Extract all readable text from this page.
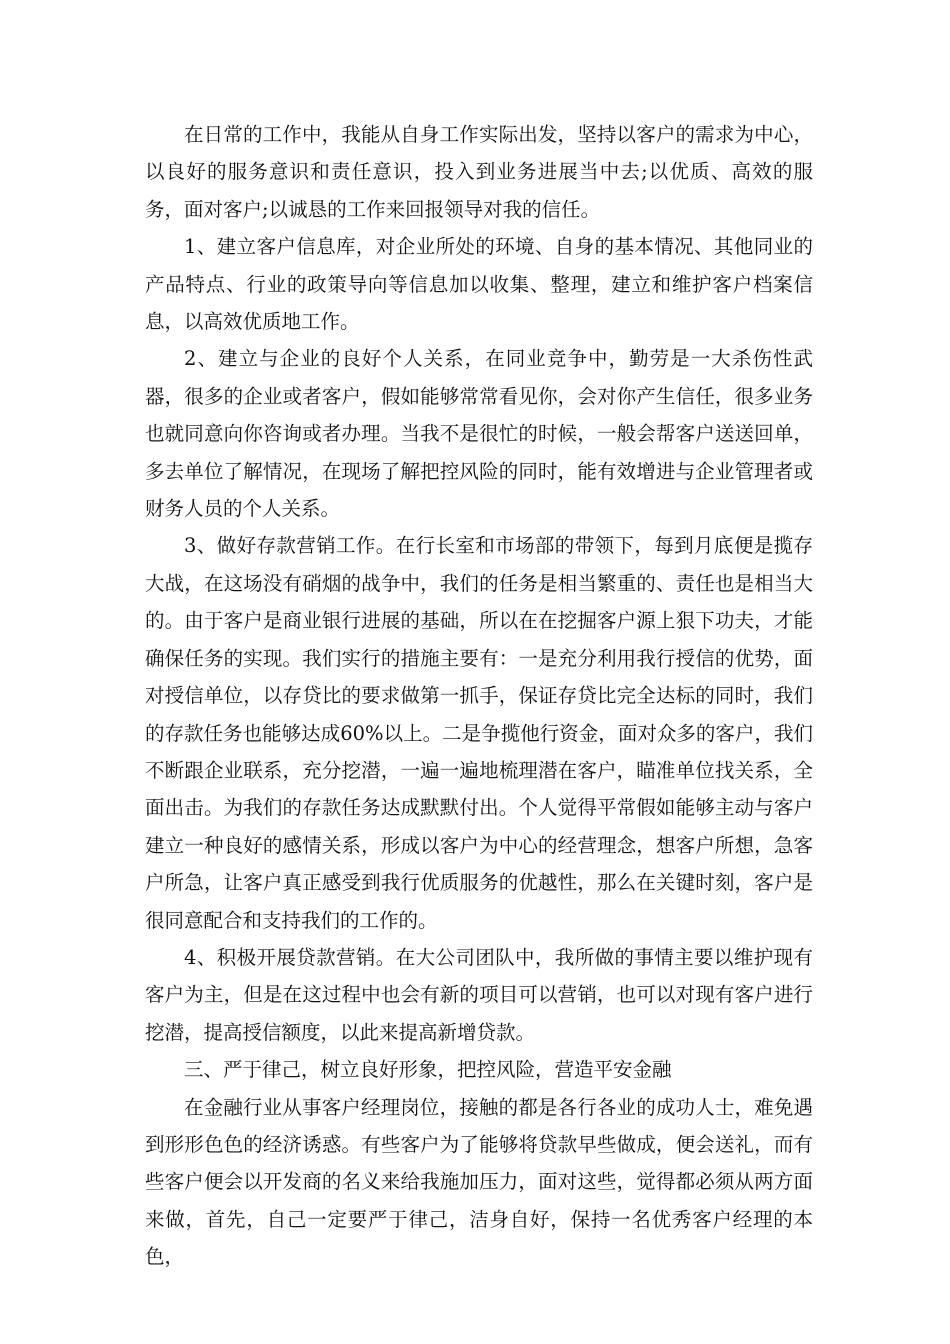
在日常的工作中，我能从自身工作实际出发，坚持以客户的需求为中心，以良好的服务意识和责任意识，投入到业务进展当中去;以优质、高效的服务，面对客户;以诚恳的工作来回报领导对我的信任。

1、建立客户信息库，对企业所处的环境、自身的基本情况、其他同业的产品特点、行业的政策导向等信息加以收集、整理，建立和维护客户档案信息，以高效优质地工作。

2、建立与企业的良好个人关系，在同业竞争中，勤劳是一大杀伤性武器，很多的企业或者客户，假如能够常常看见你，会对你产生信任，很多业务也就同意向你咨询或者办理。当我不是很忙的时候，一般会帮客户送送回单，多去单位了解情况，在现场了解把控风险的同时，能有效增进与企业管理者或财务人员的个人关系。

3、做好存款营销工作。在行长室和市场部的带领下，每到月底便是揽存大战，在这场没有硝烟的战争中，我们的任务是相当繁重的、责任也是相当大的。由于客户是商业银行进展的基础，所以在在挖掘客户源上狠下功夫，才能确保任务的实现。我们实行的措施主要有：一是充分利用我行授信的优势，面对授信单位，以存贷比的要求做第一抓手，保证存贷比完全达标的同时，我们的存款任务也能够达成60%以上。二是争揽他行资金，面对众多的客户，我们不断跟企业联系，充分挖潜，一遍一遍地梳理潜在客户，瞄准单位找关系，全面出击。为我们的存款任务达成默默付出。个人觉得平常假如能够主动与客户建立一种良好的感情关系，形成以客户为中心的经营理念，想客户所想，急客户所急，让客户真正感受到我行优质服务的优越性，那么在关键时刻，客户是很同意配合和支持我们的工作的。

4、积极开展贷款营销。在大公司团队中，我所做的事情主要以维护现有客户为主，但是在这过程中也会有新的项目可以营销，也可以对现有客户进行挖潜，提高授信额度，以此来提高新增贷款。

三、严于律己，树立良好形象，把控风险，营造平安金融

在金融行业从事客户经理岗位，接触的都是各行各业的成功人士，难免遇到形形色色的经济诱惑。有些客户为了能够将贷款早些做成，便会送礼，而有些客户便会以开发商的名义来给我施加压力，面对这些，觉得都必须从两方面来做，首先，自己一定要严于律己，洁身自好，保持一名优秀客户经理的本色，
